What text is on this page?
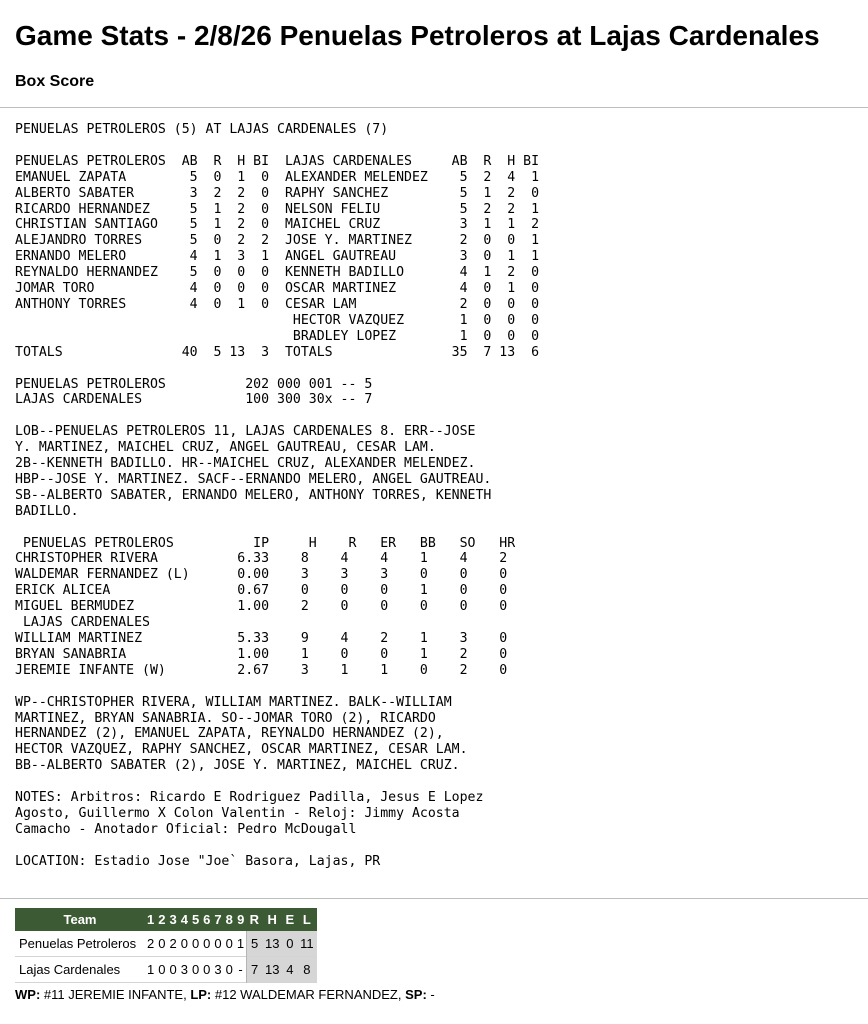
Game Stats - 2/8/26 Penuelas Petroleros at Lajas Cardenales
Box Score
PENUELAS PETROLEROS (5) AT LAJAS CARDENALES (7)

PENUELAS PETROLEROS  AB  R  H BI  LAJAS CARDENALES     AB  R  H BI
EMANUEL ZAPATA        5  0  1  0  ALEXANDER MELENDEZ    5  2  4  1
ALBERTO SABATER       3  2  2  0  RAPHY SANCHEZ         5  1  2  0
RICARDO HERNANDEZ     5  1  2  0  NELSON FELIU          5  2  2  1
CHRISTIAN SANTIAGO    5  1  2  0  MAICHEL CRUZ          3  1  1  2
ALEJANDRO TORRES      5  0  2  2  JOSE Y. MARTINEZ      2  0  0  1
ERNANDO MELERO        4  1  3  1  ANGEL GAUTREAU        3  0  1  1
REYNALDO HERNANDEZ    5  0  0  0  KENNETH BADILLO       4  1  2  0
JOMAR TORO            4  0  0  0  OSCAR MARTINEZ        4  0  1  0
ANTHONY TORRES        4  0  1  0  CESAR LAM             2  0  0  0
HECTOR VAZQUEZ       1  0  0  0
BRADLEY LOPEZ        1  0  0  0
TOTALS               40  5 13  3  TOTALS               35  7 13  6

PENUELAS PETROLEROS          202 000 001 -- 5
LAJAS CARDENALES             100 300 30x -- 7

LOB--PENUELAS PETROLEROS 11, LAJAS CARDENALES 8. ERR--JOSE
Y. MARTINEZ, MAICHEL CRUZ, ANGEL GAUTREAU, CESAR LAM.
2B--KENNETH BADILLO. HR--MAICHEL CRUZ, ALEXANDER MELENDEZ.
HBP--JOSE Y. MARTINEZ. SACF--ERNANDO MELERO, ANGEL GAUTREAU.
SB--ALBERTO SABATER, ERNANDO MELERO, ANTHONY TORRES, KENNETH
BADILLO.

PENUELAS PETROLEROS          IP     H    R   ER   BB   SO   HR
CHRISTOPHER RIVERA          6.33    8    4    4    1    4    2
WALDEMAR FERNANDEZ (L)      0.00    3    3    3    0    0    0
ERICK ALICEA                0.67    0    0    0    1    0    0
MIGUEL BERMUDEZ             1.00    2    0    0    0    0    0
LAJAS CARDENALES
WILLIAM MARTINEZ            5.33    9    4    2    1    3    0
BRYAN SANABRIA              1.00    1    0    0    1    2    0
JEREMIE INFANTE (W)         2.67    3    1    1    0    2    0

WP--CHRISTOPHER RIVERA, WILLIAM MARTINEZ. BALK--WILLIAM
MARTINEZ, BRYAN SANABRIA. SO--JOMAR TORO (2), RICARDO
HERNANDEZ (2), EMANUEL ZAPATA, REYNALDO HERNANDEZ (2),
HECTOR VAZQUEZ, RAPHY SANCHEZ, OSCAR MARTINEZ, CESAR LAM.
BB--ALBERTO SABATER (2), JOSE Y. MARTINEZ, MAICHEL CRUZ.

NOTES: Arbitros: Ricardo E Rodriguez Padilla, Jesus E Lopez
Agosto, Guillermo X Colon Valentin - Reloj: Jimmy Acosta
Camacho - Anotador Oficial: Pedro McDougall

LOCATION: Estadio Jose "Joe` Basora, Lajas, PR
Team	1	2	3	4	5	6	7	8	9	R	H	E	L
Penuelas Petroleros	2	0	2	0	0	0	0	0	1	5	13	0	11
Lajas Cardenales	1	0	0	3	0	0	3	0	-	7	13	4	8

WP: #11 JEREMIE INFANTE, LP: #12 WALDEMAR FERNANDEZ, SP: -
